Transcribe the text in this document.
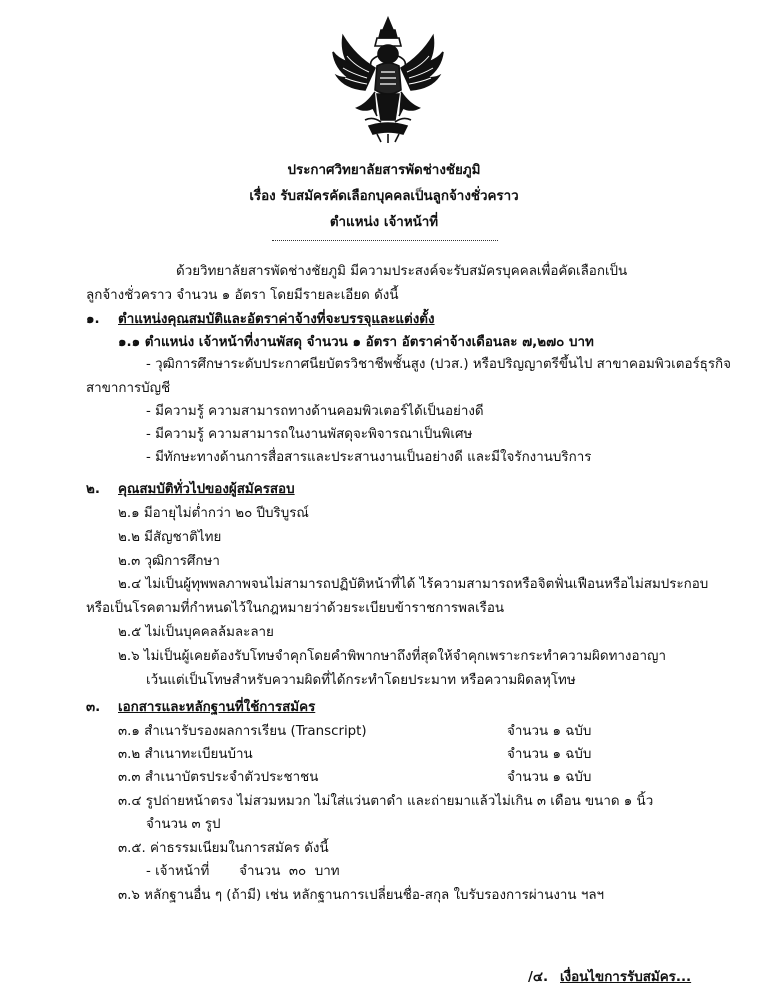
ประกาศวิทยาลัยสารพัดช่างชัยภูมิ
เรื่อง รับสมัครคัดเลือกบุคคลเป็นลูกจ้างชั่วคราว
ตำแหน่ง เจ้าหน้าที่
ด้วยวิทยาลัยสารพัดช่างชัยภูมิ มีความประสงค์จะรับสมัครบุคคลเพื่อคัดเลือกเป็น
ลูกจ้างชั่วคราว จำนวน ๑ อัตรา โดยมีรายละเอียด ดังนี้
๑. ตำแหน่งคุณสมบัติและอัตราค่าจ้างที่จะบรรจุและแต่งตั้ง
๑.๑ ตำแหน่ง เจ้าหน้าที่งานพัสดุ จำนวน ๑ อัตรา อัตราค่าจ้างเดือนละ ๗,๒๗๐ บาท
- วุฒิการศึกษาระดับประกาศนียบัตรวิชาชีพชั้นสูง (ปวส.) หรือปริญญาตรีขึ้นไป สาขาคอมพิวเตอร์ธุรกิจ
สาขาการบัญชี
- มีความรู้ ความสามารถทางด้านคอมพิวเตอร์ได้เป็นอย่างดี
- มีความรู้ ความสามารถในงานพัสดุจะพิจารณาเป็นพิเศษ
- มีทักษะทางด้านการสื่อสารและประสานงานเป็นอย่างดี และมีใจรักงานบริการ
๒. คุณสมบัติทั่วไปของผู้สมัครสอบ
๒.๑ มีอายุไม่ต่ำกว่า ๒๐ ปีบริบูรณ์
๒.๒ มีสัญชาติไทย
๒.๓ วุฒิการศึกษา
๒.๔ ไม่เป็นผู้ทุพพลภาพจนไม่สามารถปฏิบัติหน้าที่ได้ ไร้ความสามารถหรือจิตฟั่นเฟือนหรือไม่สมประกอบ
หรือเป็นโรคตามที่กำหนดไว้ในกฎหมายว่าด้วยระเบียบข้าราชการพลเรือน
๒.๕ ไม่เป็นบุคคลล้มละลาย
๒.๖ ไม่เป็นผู้เคยต้องรับโทษจำคุกโดยคำพิพากษาถึงที่สุดให้จำคุกเพราะกระทำความผิดทางอาญา
เว้นแต่เป็นโทษสำหรับความผิดที่ได้กระทำโดยประมาท หรือความผิดลหุโทษ
๓. เอกสารและหลักฐานที่ใช้การสมัคร
๓.๑ สำเนารับรองผลการเรียน (Transcript)	จำนวน ๑ ฉบับ
๓.๒ สำเนาทะเบียนบ้าน	จำนวน ๑ ฉบับ
๓.๓ สำเนาบัตรประจำตัวประชาชน	จำนวน ๑ ฉบับ
๓.๔ รูปถ่ายหน้าตรง ไม่สวมหมวก ไม่ใส่แว่นตาดำ และถ่ายมาแล้วไม่เกิน ๓ เดือน ขนาด ๑ นิ้ว
จำนวน ๓ รูป
๓.๕. ค่าธรรมเนียมในการสมัคร ดังนี้
- เจ้าหน้าที่       จำนวน  ๓๐  บาท
๓.๖ หลักฐานอื่น ๆ (ถ้ามี) เช่น หลักฐานการเปลี่ยนชื่อ-สกุล ใบรับรองการผ่านงาน ฯลฯ
/๔. เงื่อนไขการรับสมัคร...
